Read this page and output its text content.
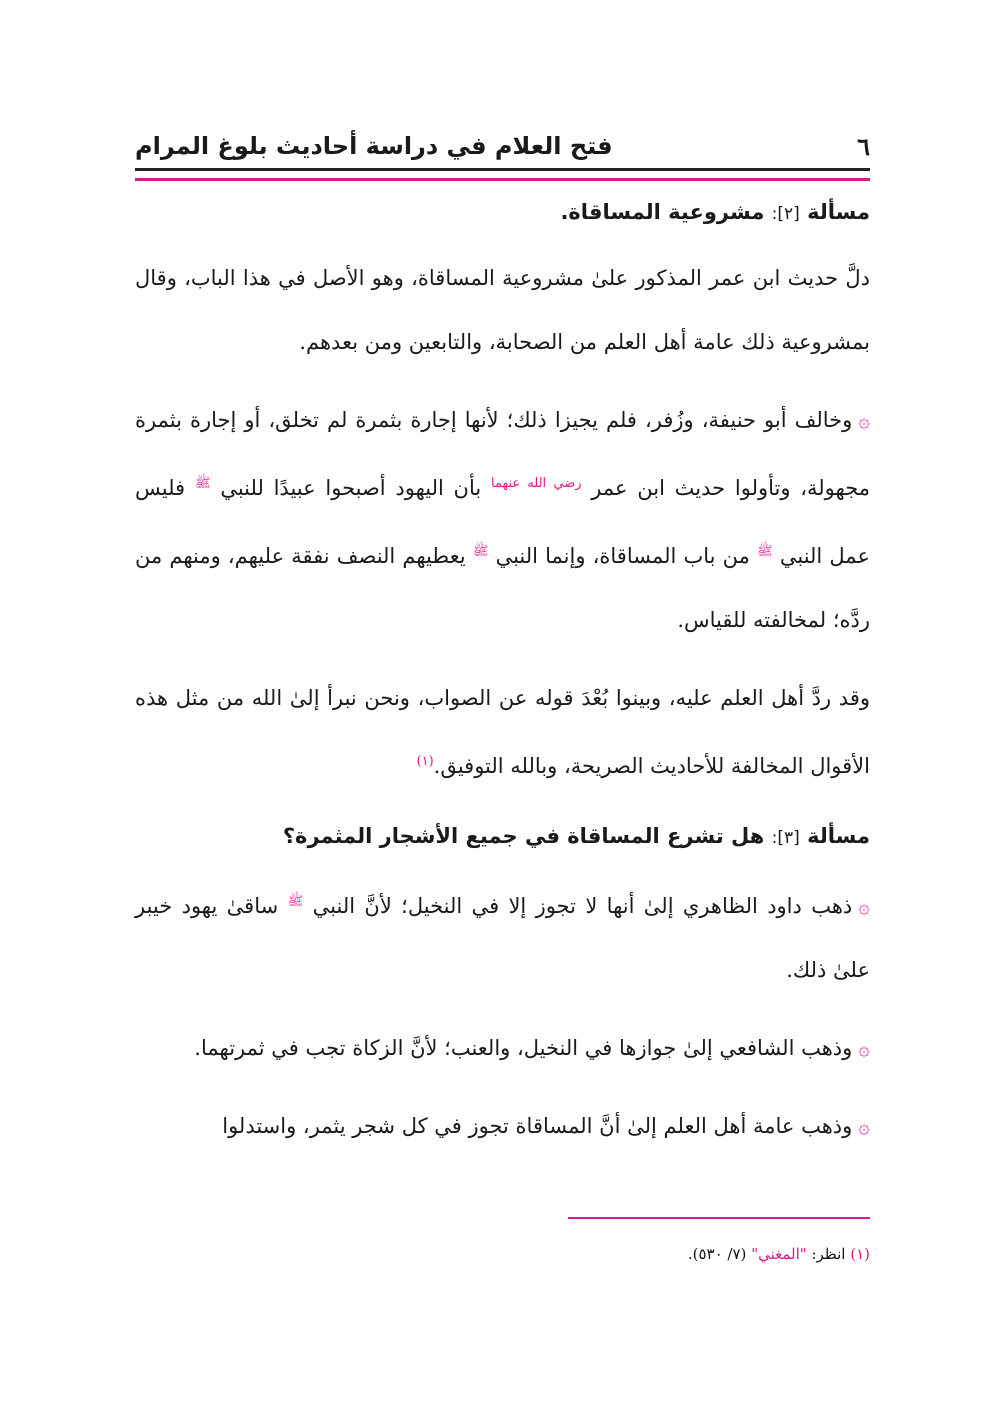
٦
فتح العلام في دراسة أحاديث بلوغ المرام
مسألة [٢]: مشروعية المساقاة.

دلَّ حديث ابن عمر المذكور علىٰ مشروعية المساقاة، وهو الأصل في هذا الباب، وقال بمشروعية ذلك عامة أهل العلم من الصحابة، والتابعين ومن بعدهم.

۞وخالف أبو حنيفة، وزُفر، فلم يجيزا ذلك؛ لأنها إجارة بثمرة لم تخلق، أو إجارة بثمرة مجهولة، وتأولوا حديث ابن عمر $^{رضي الله عنهما}$ بأن اليهود أصبحوا عبيدًا للنبي $^ﷺ$ فليس عمل النبي $^ﷺ$ من باب المساقاة، وإنما النبي $^ﷺ$ يعطيهم النصف نفقة عليهم، ومنهم من ردَّه؛ لمخالفته للقياس.

وقد ردَّ أهل العلم عليه، وبينوا بُعْدَ قوله عن الصواب، ونحن نبرأ إلىٰ الله من مثل هذه الأقوال المخالفة للأحاديث الصريحة، وبالله التوفيق.$^{(١)}$

مسألة [٣]: هل تشرع المساقاة في جميع الأشجار المثمرة؟

۞ذهب داود الظاهري إلىٰ أنها لا تجوز إلا في النخيل؛ لأنَّ النبي $^ﷺ$ ساقىٰ يهود خيبر علىٰ ذلك.

۞وذهب الشافعي إلىٰ جوازها في النخيل، والعنب؛ لأنَّ الزكاة تجب في ثمرتهما.

۞وذهب عامة أهل العلم إلىٰ أنَّ المساقاة تجوز في كل شجر يثمر، واستدلوا

(١) انظر: "المغني" (٧/ ٥٣٠).
